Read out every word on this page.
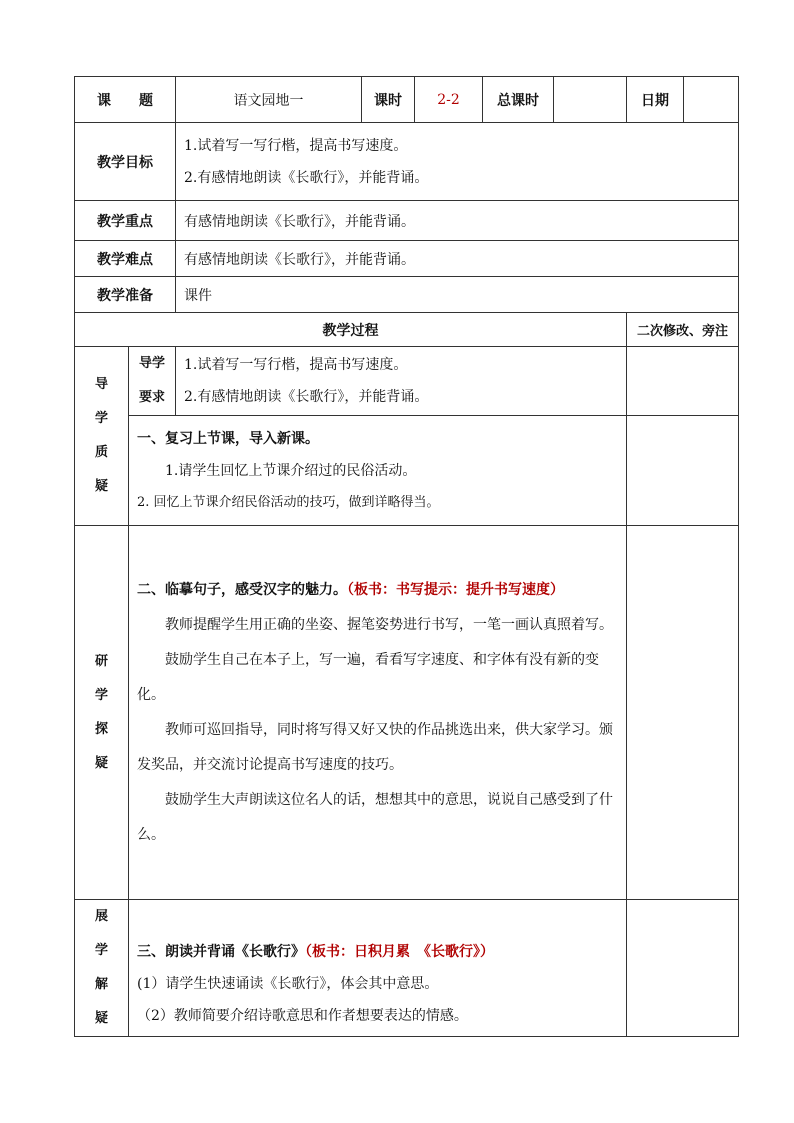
课　　题		语文园地一	课时	2-2	总课时		日期	
教学目标		1.试着写一写行楷，提高书写速度。

2.有感情地朗读《长歌行》，并能背诵。						

教学重点		有感情地朗读《长歌行》，并能背诵。						
教学难点		有感情地朗读《长歌行》，并能背诵。						
教学准备		课件						
教学过程							二次修改、旁注	
导学质疑	导学要求	1.试着写一写行楷，提高书写速度。

2.有感情地朗读《长歌行》，并能背诵。						

	一、复习上节课，导入新课。

1.请学生回忆上节课介绍过的民俗活动。

2. 回忆上节课介绍民俗活动的技巧，做到详略得当。							

研学探疑	二、临摹句子，感受汉字的魅力。（板书：书写提示：提升书写速度）

教师提醒学生用正确的坐姿、握笔姿势进行书写，一笔一画认真照着写。

鼓励学生自己在本子上，写一遍，看看写字速度、和字体有没有新的变化。

教师可巡回指导，同时将写得又好又快的作品挑选出来，供大家学习。颁发奖品，并交流讨论提高书写速度的技巧。

鼓励学生大声朗读这位名人的话，想想其中的意思，说说自己感受到了什么。							

展学解疑	三、朗读并背诵《长歌行》（板书：日积月累　《长歌行》）

(1）请学生快速诵读《长歌行》，体会其中意思。

（2）教师简要介绍诗歌意思和作者想要表达的情感。							
